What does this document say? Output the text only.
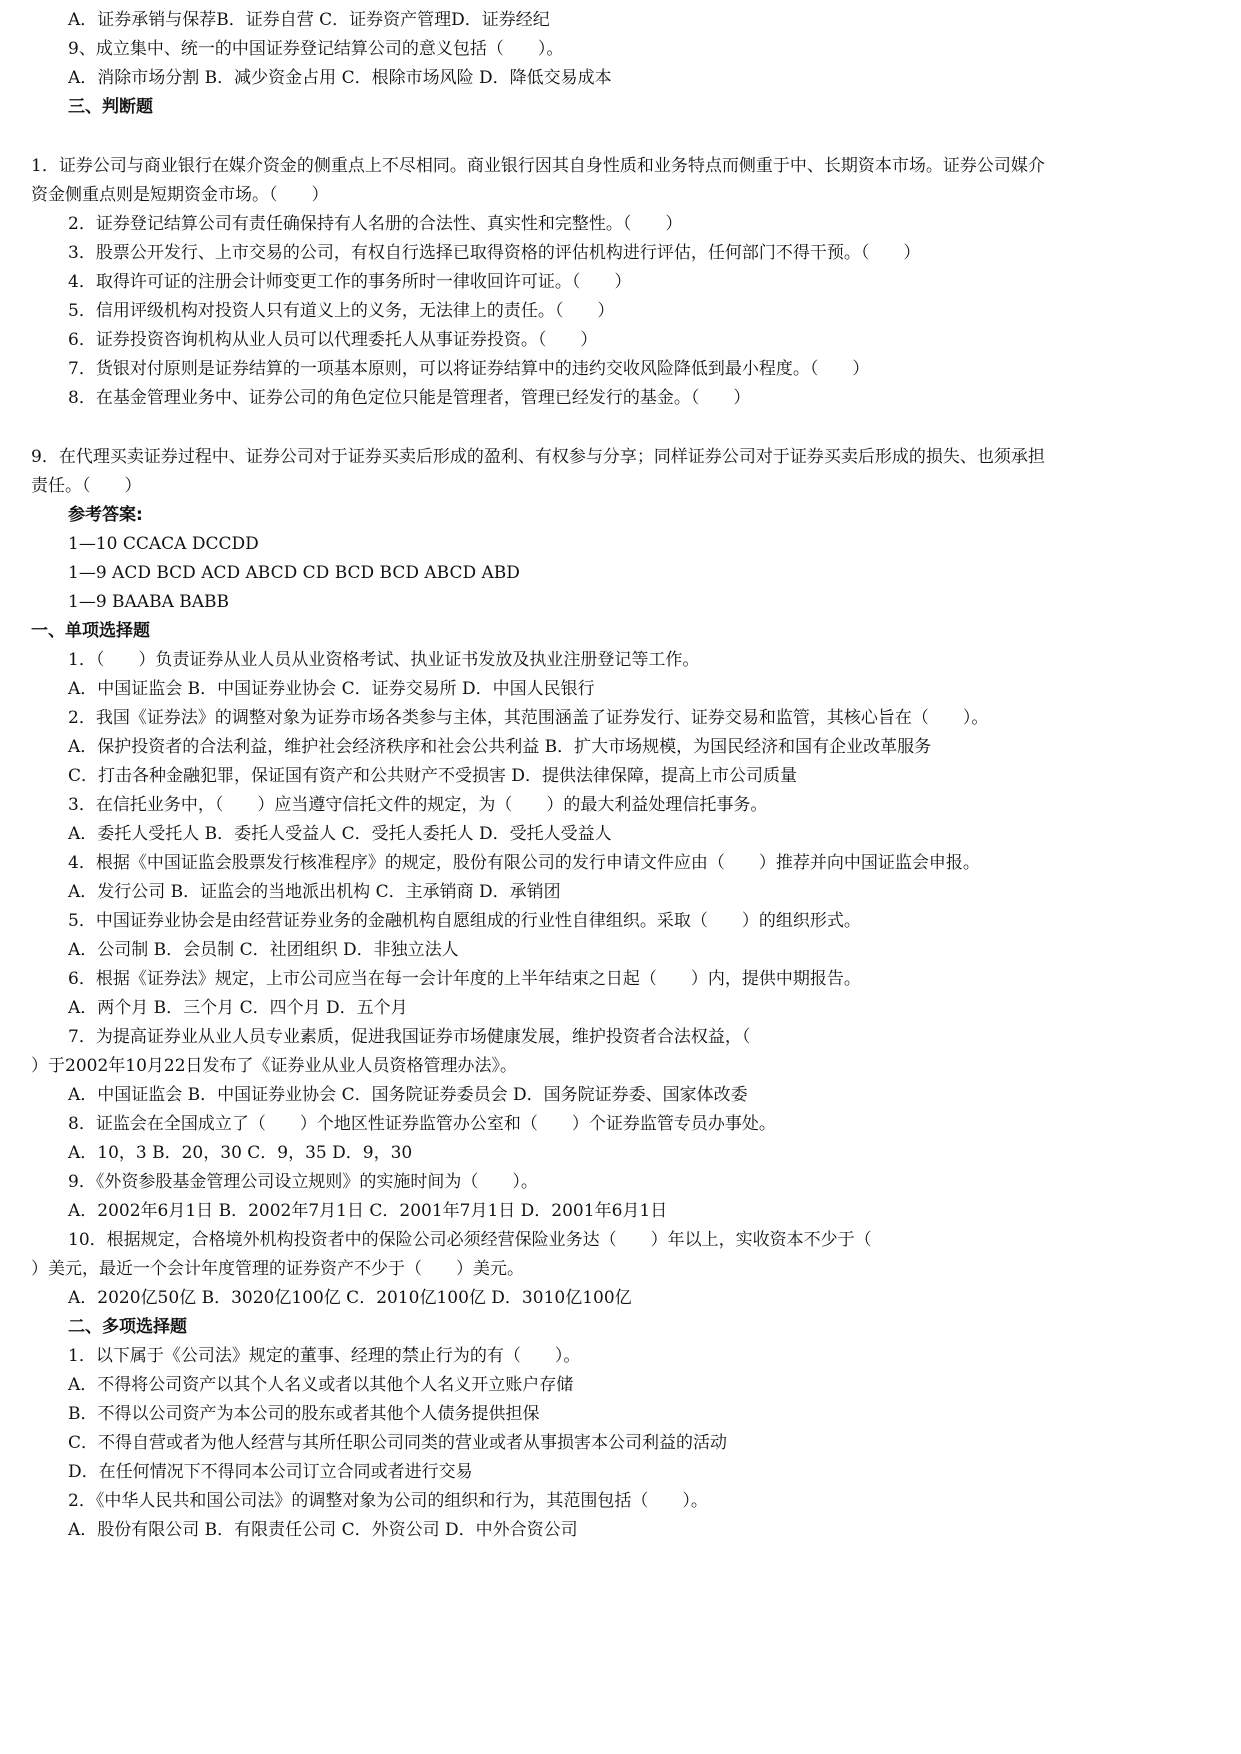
A．证券承销与保荐B．证券自营 C．证券资产管理D．证券经纪
9、成立集中、统一的中国证券登记结算公司的意义包括（　　）。
A．消除市场分割 B．减少资金占用 C．根除市场风险 D．降低交易成本
三、判断题
1．证券公司与商业银行在媒介资金的侧重点上不尽相同。商业银行因其自身性质和业务特点而侧重于中、长期资本市场。证券公司媒介
资金侧重点则是短期资金市场。（　　）
2．证券登记结算公司有责任确保持有人名册的合法性、真实性和完整性。（　　）
3．股票公开发行、上市交易的公司，有权自行选择已取得资格的评估机构进行评估，任何部门不得干预。（　　）
4．取得许可证的注册会计师变更工作的事务所时一律收回许可证。（　　）
5．信用评级机构对投资人只有道义上的义务，无法律上的责任。（　　）
6．证券投资咨询机构从业人员可以代理委托人从事证券投资。（　　）
7．货银对付原则是证券结算的一项基本原则，可以将证券结算中的违约交收风险降低到最小程度。（　　）
8．在基金管理业务中、证券公司的角色定位只能是管理者，管理已经发行的基金。（　　）
9．在代理买卖证券过程中、证券公司对于证券买卖后形成的盈利、有权参与分享；同样证券公司对于证券买卖后形成的损失、也须承担
责任。（　　）
参考答案:
1—10 CCACA DCCDD
1—9 ACD BCD ACD ABCD CD BCD BCD ABCD ABD
1—9 BAABA BABB
一、单项选择题
1．（　　）负责证券从业人员从业资格考试、执业证书发放及执业注册登记等工作。
A．中国证监会 B．中国证券业协会 C．证券交易所 D．中国人民银行
2．我国《证券法》的调整对象为证券市场各类参与主体，其范围涵盖了证券发行、证券交易和监管，其核心旨在（　　）。
A．保护投资者的合法利益，维护社会经济秩序和社会公共利益 B．扩大市场规模，为国民经济和国有企业改革服务
C．打击各种金融犯罪，保证国有资产和公共财产不受损害 D．提供法律保障，提高上市公司质量
3．在信托业务中，（　　）应当遵守信托文件的规定，为（　　）的最大利益处理信托事务。
A．委托人受托人 B．委托人受益人 C．受托人委托人 D．受托人受益人
4．根据《中国证监会股票发行核准程序》的规定，股份有限公司的发行申请文件应由（　　）推荐并向中国证监会申报。
A．发行公司 B．证监会的当地派出机构 C．主承销商 D．承销团
5．中国证券业协会是由经营证券业务的金融机构自愿组成的行业性自律组织。采取（　　）的组织形式。
A．公司制 B．会员制 C．社团组织 D．非独立法人
6．根据《证券法》规定，上市公司应当在每一会计年度的上半年结束之日起（　　）内，提供中期报告。
A．两个月 B．三个月 C．四个月 D．五个月
7．为提高证券业从业人员专业素质，促进我国证券市场健康发展，维护投资者合法权益，（
）于2002年10月22日发布了《证券业从业人员资格管理办法》。
A．中国证监会 B．中国证券业协会 C．国务院证券委员会 D．国务院证券委、国家体改委
8．证监会在全国成立了（　　）个地区性证券监管办公室和（　　）个证券监管专员办事处。
A．10，3 B．20，30 C．9，35 D．9，30
9．《外资参股基金管理公司设立规则》的实施时间为（　　）。
A．2002年6月1日 B．2002年7月1日 C．2001年7月1日 D．2001年6月1日
10．根据规定，合格境外机构投资者中的保险公司必须经营保险业务达（　　）年以上，实收资本不少于（
）美元，最近一个会计年度管理的证券资产不少于（　　）美元。
A．2020亿50亿 B．3020亿100亿 C．2010亿100亿 D．3010亿100亿
二、多项选择题
1．以下属于《公司法》规定的董事、经理的禁止行为的有（　　）。
A．不得将公司资产以其个人名义或者以其他个人名义开立账户存储
B．不得以公司资产为本公司的股东或者其他个人债务提供担保
C．不得自营或者为他人经营与其所任职公司同类的营业或者从事损害本公司利益的活动
D．在任何情况下不得同本公司订立合同或者进行交易
2．《中华人民共和国公司法》的调整对象为公司的组织和行为，其范围包括（　　）。
A．股份有限公司 B．有限责任公司 C．外资公司 D．中外合资公司
